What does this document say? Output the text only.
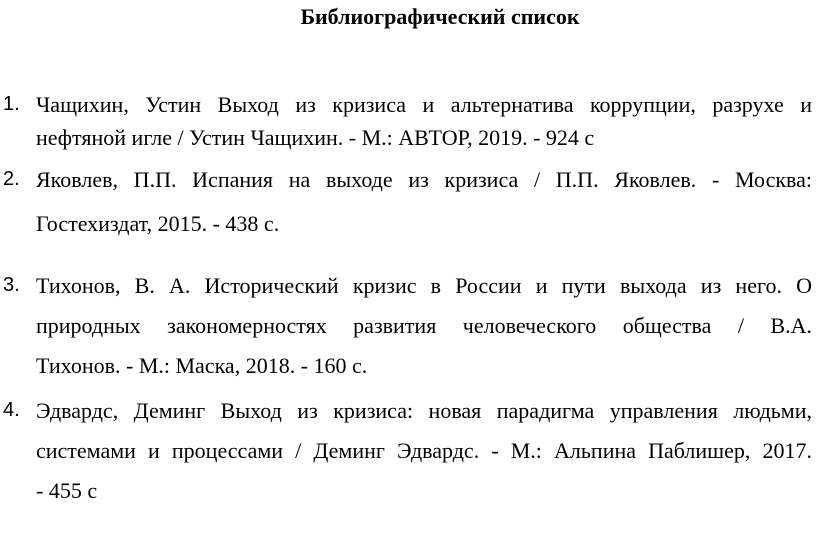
Библиографический список
1. Чащихин, Устин Выход из кризиса и альтернатива коррупции, разрухе и
нефтяной игле / Устин Чащихин. - М.: АВТОР, 2019. - 924 с
2. Яковлев, П.П. Испания на выходе из кризиса / П.П. Яковлев. - Москва:
Гостехиздат, 2015. - 438 с.
3. Тихонов, В. А. Исторический кризис в России и пути выхода из него. О
природных закономерностях развития человеческого общества / В.А.
Тихонов. - М.: Маска, 2018. - 160 с.
4. Эдвардс, Деминг Выход из кризиса: новая парадигма управления людьми,
системами и процессами / Деминг Эдвардс. - М.: Альпина Паблишер, 2017.
- 455 с
